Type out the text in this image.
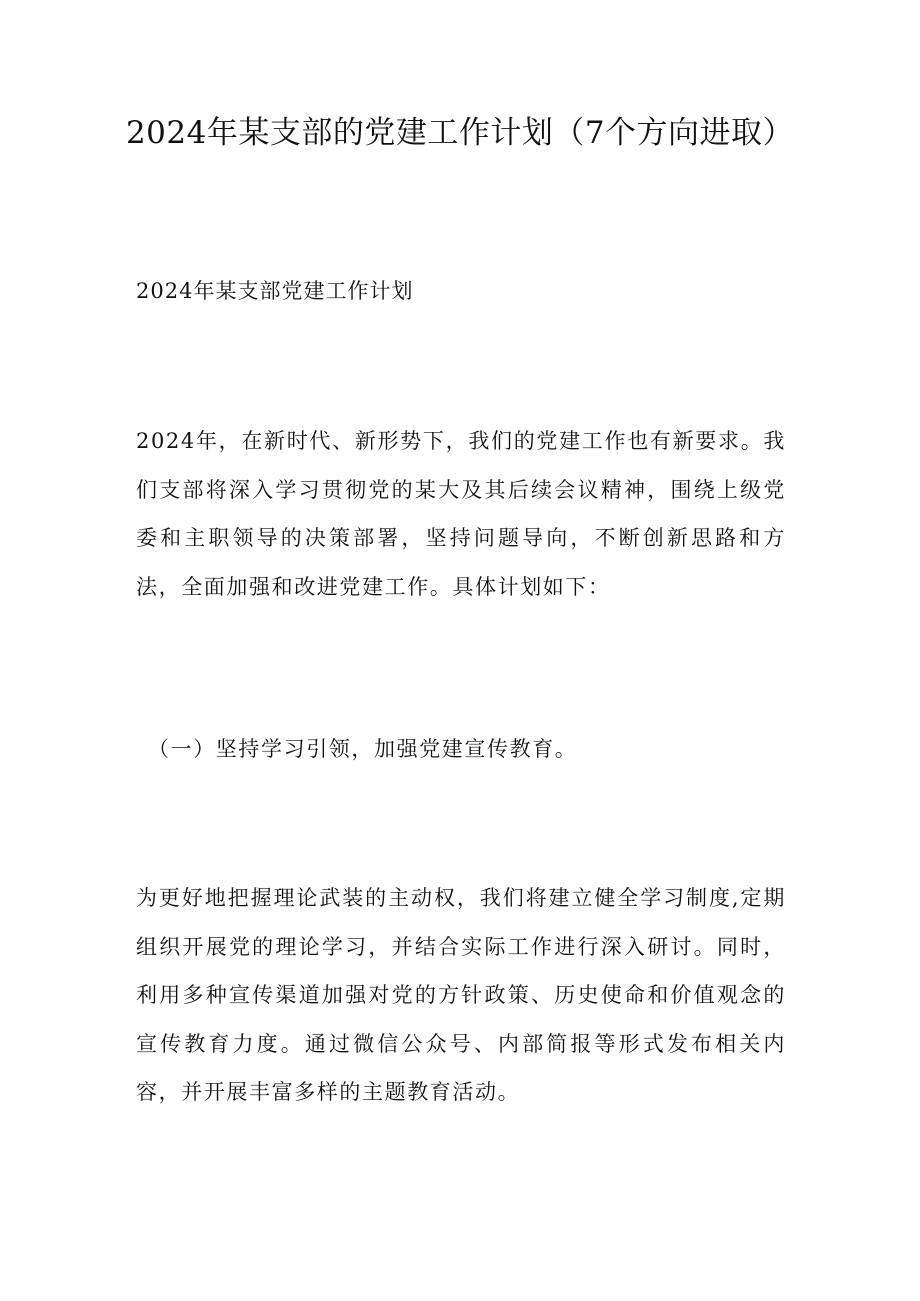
2024年某支部的党建工作计划（7个方向进取）

2024年某支部党建工作计划

2024年，在新时代、新形势下，我们的党建工作也有新要求。我们支部将深入学习贯彻党的某大及其后续会议精神，围绕上级党委和主职领导的决策部署，坚持问题导向，不断创新思路和方法，全面加强和改进党建工作。具体计划如下：

（一）坚持学习引领，加强党建宣传教育。

为更好地把握理论武装的主动权，我们将建立健全学习制度,定期组织开展党的理论学习，并结合实际工作进行深入研讨。同时，利用多种宣传渠道加强对党的方针政策、历史使命和价值观念的宣传教育力度。通过微信公众号、内部简报等形式发布相关内容，并开展丰富多样的主题教育活动。
